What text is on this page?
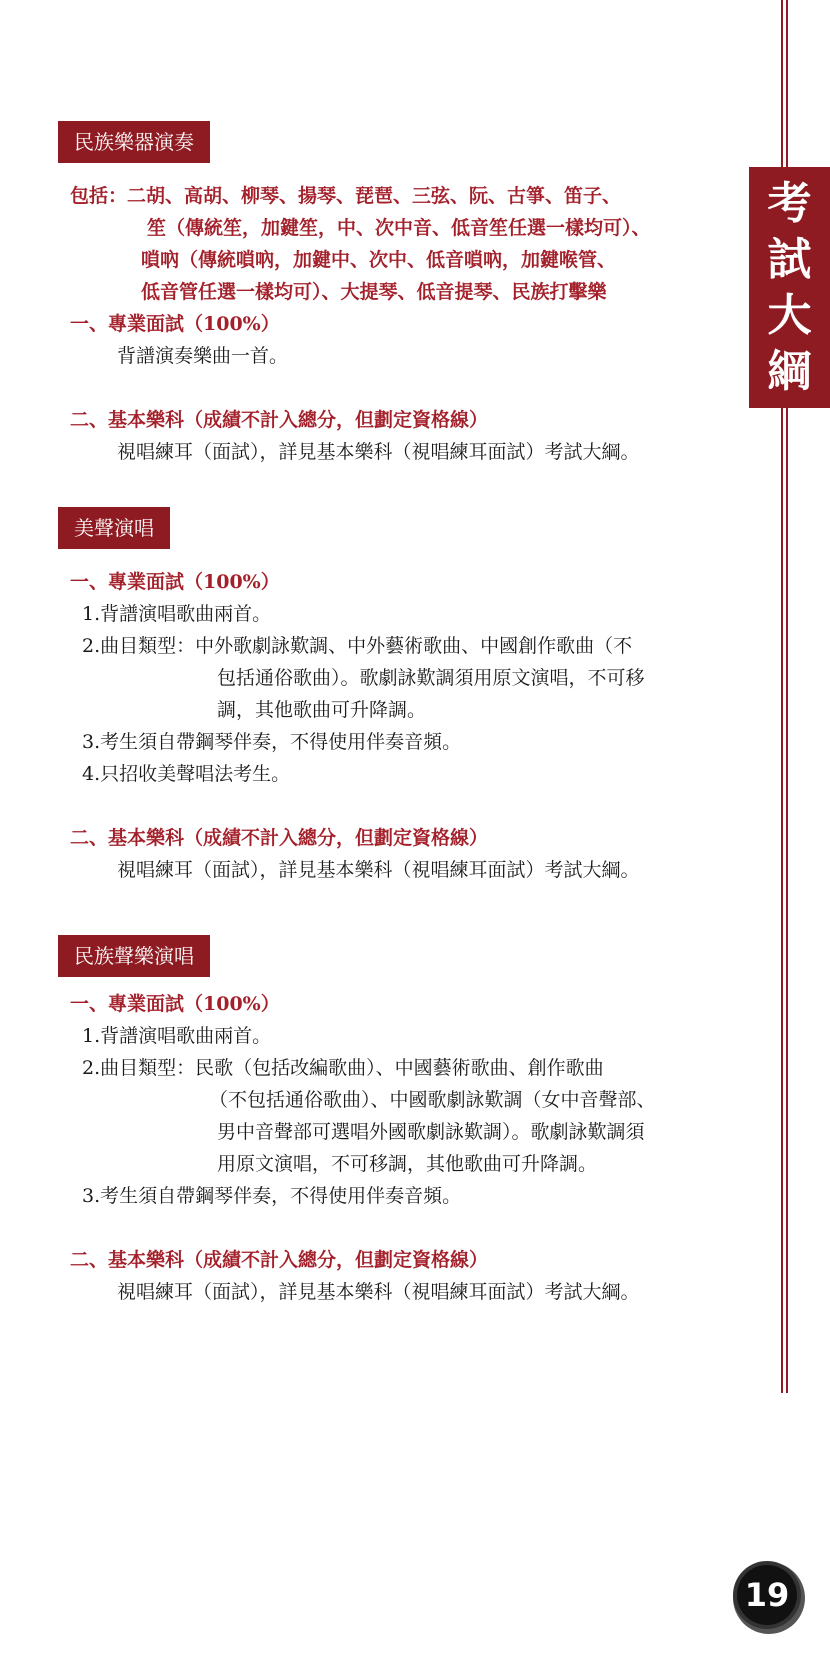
考
試
大
綱
民族樂器演奏
包括：二胡、高胡、柳琴、揚琴、琵琶、三弦、阮、古箏、笛子、
笙（傳統笙，加鍵笙，中、次中音、低音笙任選一樣均可）、
嗩吶（傳統嗩吶，加鍵中、次中、低音嗩吶，加鍵喉管、
低音管任選一樣均可）、大提琴、低音提琴、民族打擊樂
一、專業面試（100%）
背譜演奏樂曲一首。
二、基本樂科（成績不計入總分，但劃定資格線）
視唱練耳（面試），詳見基本樂科（視唱練耳面試）考試大綱。
美聲演唱
一、專業面試（100%）
1.背譜演唱歌曲兩首。
2.曲目類型：中外歌劇詠歎調、中外藝術歌曲、中國創作歌曲（不
包括通俗歌曲）。歌劇詠歎調須用原文演唱，不可移
調，其他歌曲可升降調。
3.考生須自帶鋼琴伴奏，不得使用伴奏音頻。
4.只招收美聲唱法考生。
二、基本樂科（成績不計入總分，但劃定資格線）
視唱練耳（面試），詳見基本樂科（視唱練耳面試）考試大綱。
民族聲樂演唱
一、專業面試（100%）
1.背譜演唱歌曲兩首。
2.曲目類型：民歌（包括改編歌曲）、中國藝術歌曲、創作歌曲
（不包括通俗歌曲）、中國歌劇詠歎調（女中音聲部、
男中音聲部可選唱外國歌劇詠歎調）。歌劇詠歎調須
用原文演唱，不可移調，其他歌曲可升降調。
3.考生須自帶鋼琴伴奏，不得使用伴奏音頻。
二、基本樂科（成績不計入總分，但劃定資格線）
視唱練耳（面試），詳見基本樂科（視唱練耳面試）考試大綱。
19
